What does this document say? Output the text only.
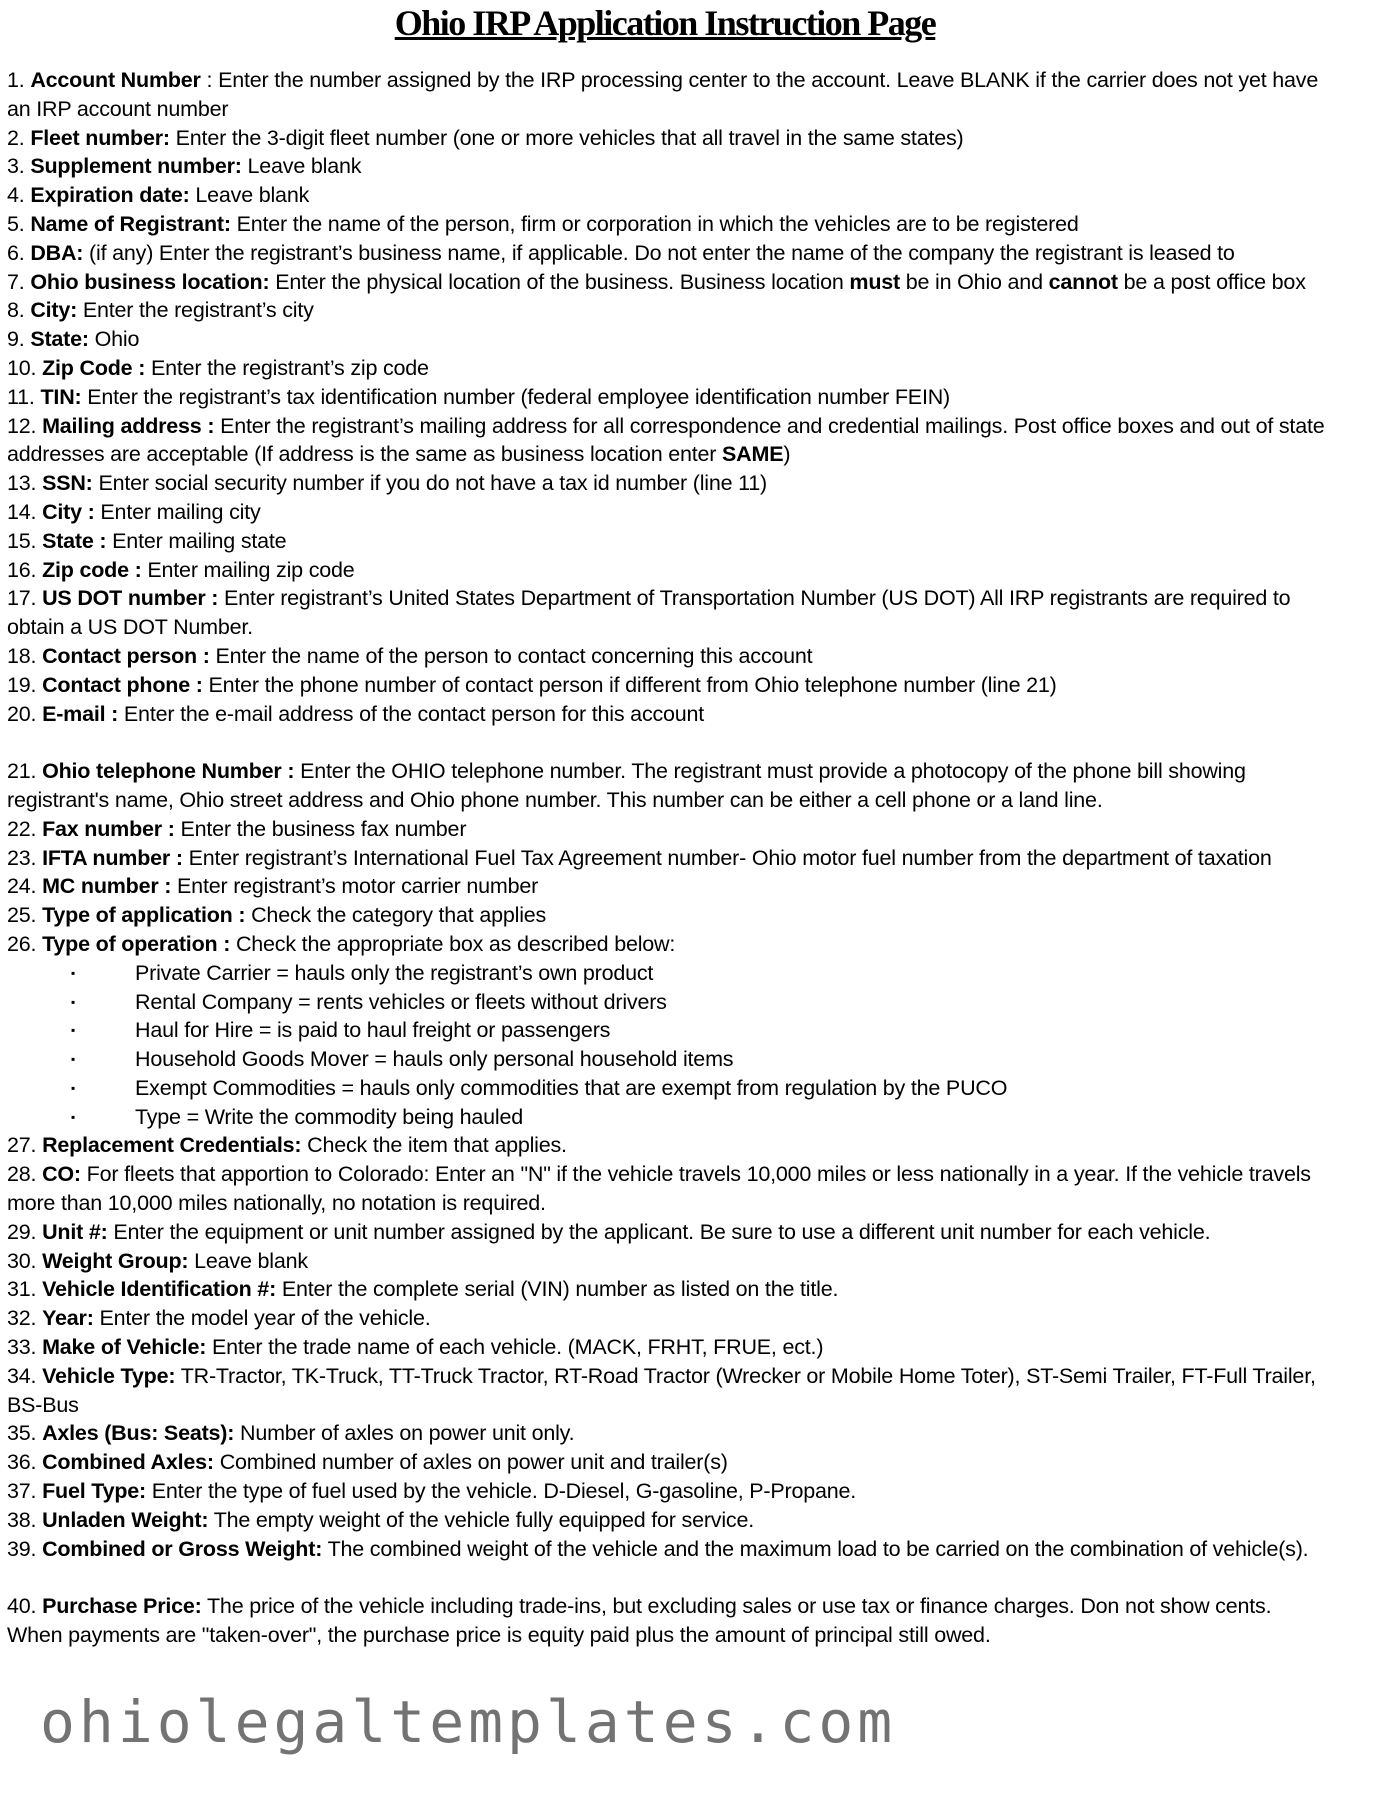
Ohio IRP Application Instruction Page

1. Account Number : Enter the number assigned by the IRP processing center to the account. Leave BLANK if the carrier does not yet have an IRP account number

2. Fleet number: Enter the 3-digit fleet number (one or more vehicles that all travel in the same states)

3. Supplement number: Leave blank

4. Expiration date: Leave blank

5. Name of Registrant: Enter the name of the person, firm or corporation in which the vehicles are to be registered

6. DBA: (if any) Enter the registrant’s business name, if applicable. Do not enter the name of the company the registrant is leased to

7. Ohio business location: Enter the physical location of the business. Business location must be in Ohio and cannot be a post office box

8. City: Enter the registrant’s city

9. State: Ohio

10. Zip Code : Enter the registrant’s zip code

11. TIN: Enter the registrant’s tax identification number (federal employee identification number FEIN)

12. Mailing address : Enter the registrant’s mailing address for all correspondence and credential mailings. Post office boxes and out of state addresses are acceptable (If address is the same as business location enter SAME)

13. SSN: Enter social security number if you do not have a tax id number (line 11)

14. City : Enter mailing city

15. State : Enter mailing state

16. Zip code : Enter mailing zip code

17. US DOT number : Enter registrant’s United States Department of Transportation Number (US DOT) All IRP registrants are required to obtain a US DOT Number.

18. Contact person : Enter the name of the person to contact concerning this account

19. Contact phone : Enter the phone number of contact person if different from Ohio telephone number (line 21)

20. E-mail : Enter the e-mail address of the contact person for this account

21. Ohio telephone Number : Enter the OHIO telephone number. The registrant must provide a photocopy of the phone bill showing registrant's name, Ohio street address and Ohio phone number. This number can be either a cell phone or a land line.

22. Fax number : Enter the business fax number

23. IFTA number : Enter registrant’s International Fuel Tax Agreement number- Ohio motor fuel number from the department of taxation

24. MC number : Enter registrant’s motor carrier number

25. Type of application : Check the category that applies

26. Type of operation : Check the appropriate box as described below:

▪	Private Carrier = hauls only the registrant’s own product
▪	Rental Company = rents vehicles or fleets without drivers
▪	Haul for Hire = is paid to haul freight or passengers
▪	Household Goods Mover = hauls only personal household items
▪	Exempt Commodities = hauls only commodities that are exempt from regulation by the PUCO
▪	Type = Write the commodity being hauled

27. Replacement Credentials: Check the item that applies.

28. CO: For fleets that apportion to Colorado: Enter an "N" if the vehicle travels 10,000 miles or less nationally in a year. If the vehicle travels more than 10,000 miles nationally, no notation is required.

29. Unit #: Enter the equipment or unit number assigned by the applicant. Be sure to use a different unit number for each vehicle.

30. Weight Group: Leave blank

31. Vehicle Identification #: Enter the complete serial (VIN) number as listed on the title.

32. Year: Enter the model year of the vehicle.

33. Make of Vehicle: Enter the trade name of each vehicle. (MACK, FRHT, FRUE, ect.)

34. Vehicle Type: TR-Tractor, TK-Truck, TT-Truck Tractor, RT-Road Tractor (Wrecker or Mobile Home Toter), ST-Semi Trailer, FT-Full Trailer, BS-Bus

35. Axles (Bus: Seats): Number of axles on power unit only.

36. Combined Axles: Combined number of axles on power unit and trailer(s)

37. Fuel Type: Enter the type of fuel used by the vehicle. D-Diesel, G-gasoline, P-Propane.

38. Unladen Weight: The empty weight of the vehicle fully equipped for service.

39. Combined or Gross Weight: The combined weight of the vehicle and the maximum load to be carried on the combination of vehicle(s).

40. Purchase Price: The price of the vehicle including trade-ins, but excluding sales or use tax or finance charges. Don not show cents. When payments are "taken-over", the purchase price is equity paid plus the amount of principal still owed.

ohiolegaltemplates.com
